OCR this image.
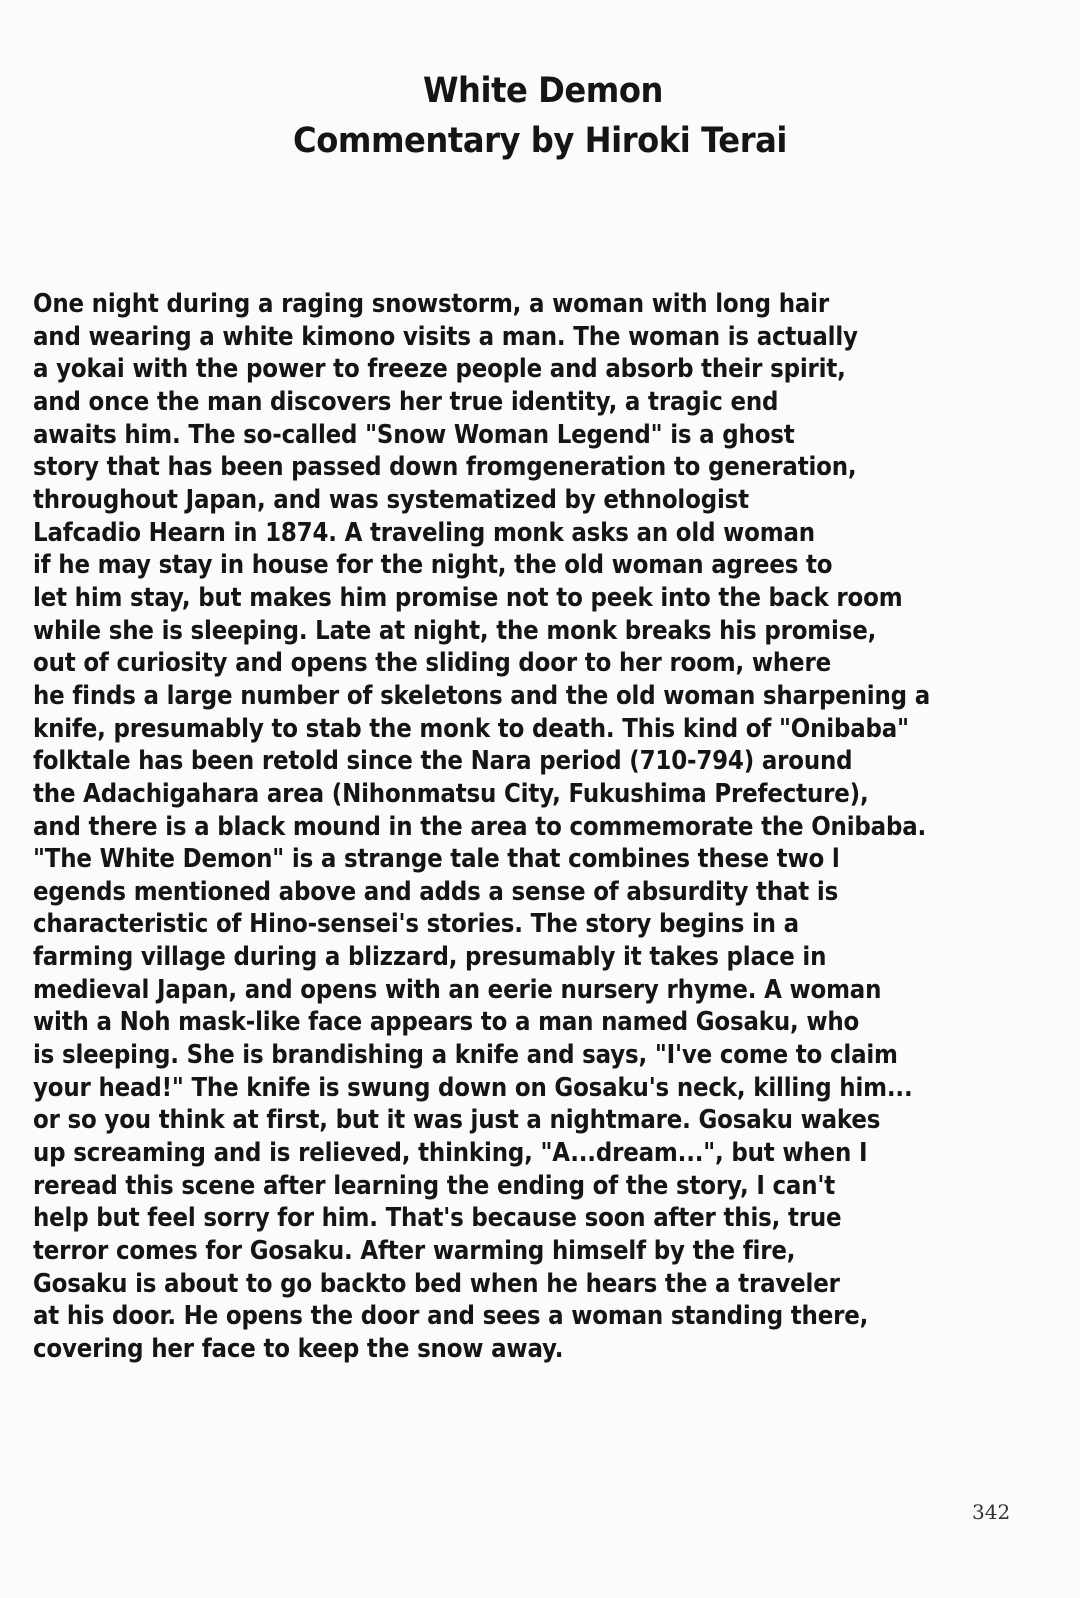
White Demon
Commentary by Hiroki Terai
One night during a raging snowstorm, a woman with long hair
and wearing a white kimono visits a man. The woman is actually
a yokai with the power to freeze people and absorb their spirit,
and once the man discovers her true identity, a tragic end
awaits him. The so-called "Snow Woman Legend" is a ghost
story that has been passed down fromgeneration to generation,
throughout Japan, and was systematized by ethnologist
Lafcadio Hearn in 1874. A traveling monk asks an old woman
if he may stay in house for the night, the old woman agrees to
let him stay, but makes him promise not to peek into the back room
while she is sleeping. Late at night, the monk breaks his promise,
out of curiosity and opens the sliding door to her room, where
he finds a large number of skeletons and the old woman sharpening a
knife, presumably to stab the monk to death. This kind of "Onibaba"
folktale has been retold since the Nara period (710-794) around
the Adachigahara area (Nihonmatsu City, Fukushima Prefecture),
and there is a black mound in the area to commemorate the Onibaba.
"The White Demon" is a strange tale that combines these two l
egends mentioned above and adds a sense of absurdity that is
characteristic of Hino-sensei's stories. The story begins in a
farming village during a blizzard, presumably it takes place in
medieval Japan, and opens with an eerie nursery rhyme. A woman
with a Noh mask-like face appears to a man named Gosaku, who
is sleeping. She is brandishing a knife and says, "I've come to claim
your head!" The knife is swung down on Gosaku's neck, killing him...
or so you think at first, but it was just a nightmare. Gosaku wakes
up screaming and is relieved, thinking, "A...dream...", but when I
reread this scene after learning the ending of the story, I can't
help but feel sorry for him. That's because soon after this, true
terror comes for Gosaku. After warming himself by the fire,
Gosaku is about to go backto bed when he hears the a traveler
at his door. He opens the door and sees a woman standing there,
covering her face to keep the snow away.
342
